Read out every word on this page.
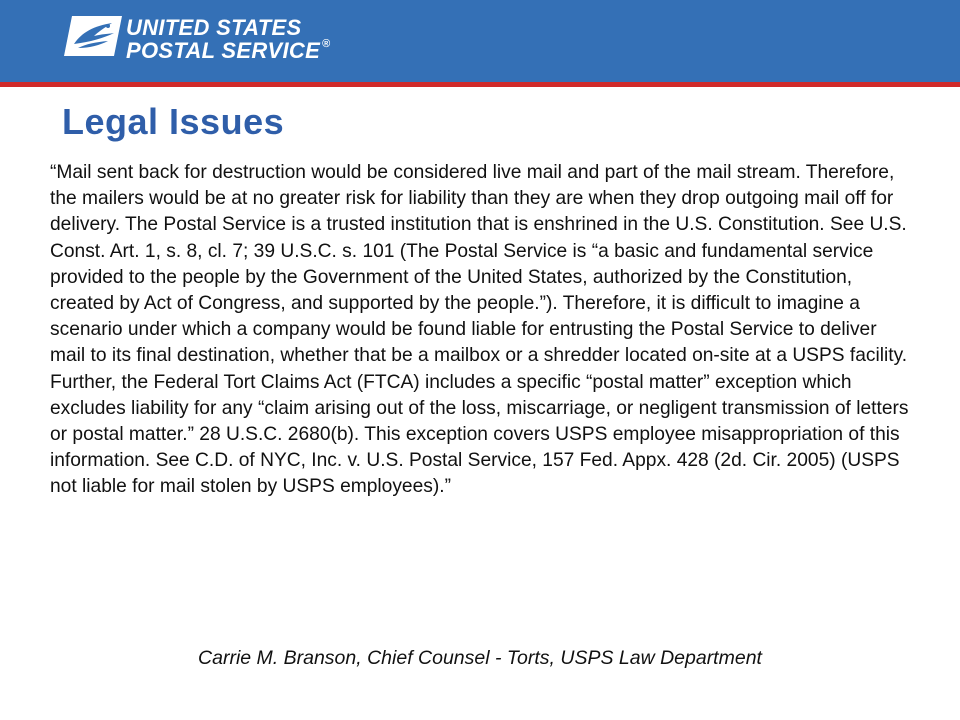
UNITED STATES
POSTAL SERVICE ®
Legal Issues

“Mail sent back for destruction would be considered live mail and part of the mail stream. Therefore, the mailers would be at no greater risk for liability than they are when they drop outgoing mail off for delivery. The Postal Service is a trusted institution that is enshrined in the U.S. Constitution. See U.S. Const. Art. 1, s. 8, cl. 7; 39 U.S.C. s. 101 (The Postal Service is “a basic and fundamental service provided to the people by the Government of the United States, authorized by the Constitution, created by Act of Congress, and supported by the people.”). Therefore, it is difficult to imagine a scenario under which a company would be found liable for entrusting the Postal Service to deliver mail to its final destination, whether that be a mailbox or a shredder located on-site at a USPS facility. Further, the Federal Tort Claims Act (FTCA) includes a specific “postal matter” exception which excludes liability for any “claim arising out of the loss, miscarriage, or negligent transmission of letters or postal matter.” 28 U.S.C. 2680(b). This exception covers USPS employee misappropriation of this information. See C.D. of NYC, Inc. v. U.S. Postal Service, 157 Fed. Appx. 428 (2d. Cir. 2005) (USPS not liable for mail stolen by USPS employees).”

Carrie M. Branson, Chief Counsel - Torts, USPS Law Department
